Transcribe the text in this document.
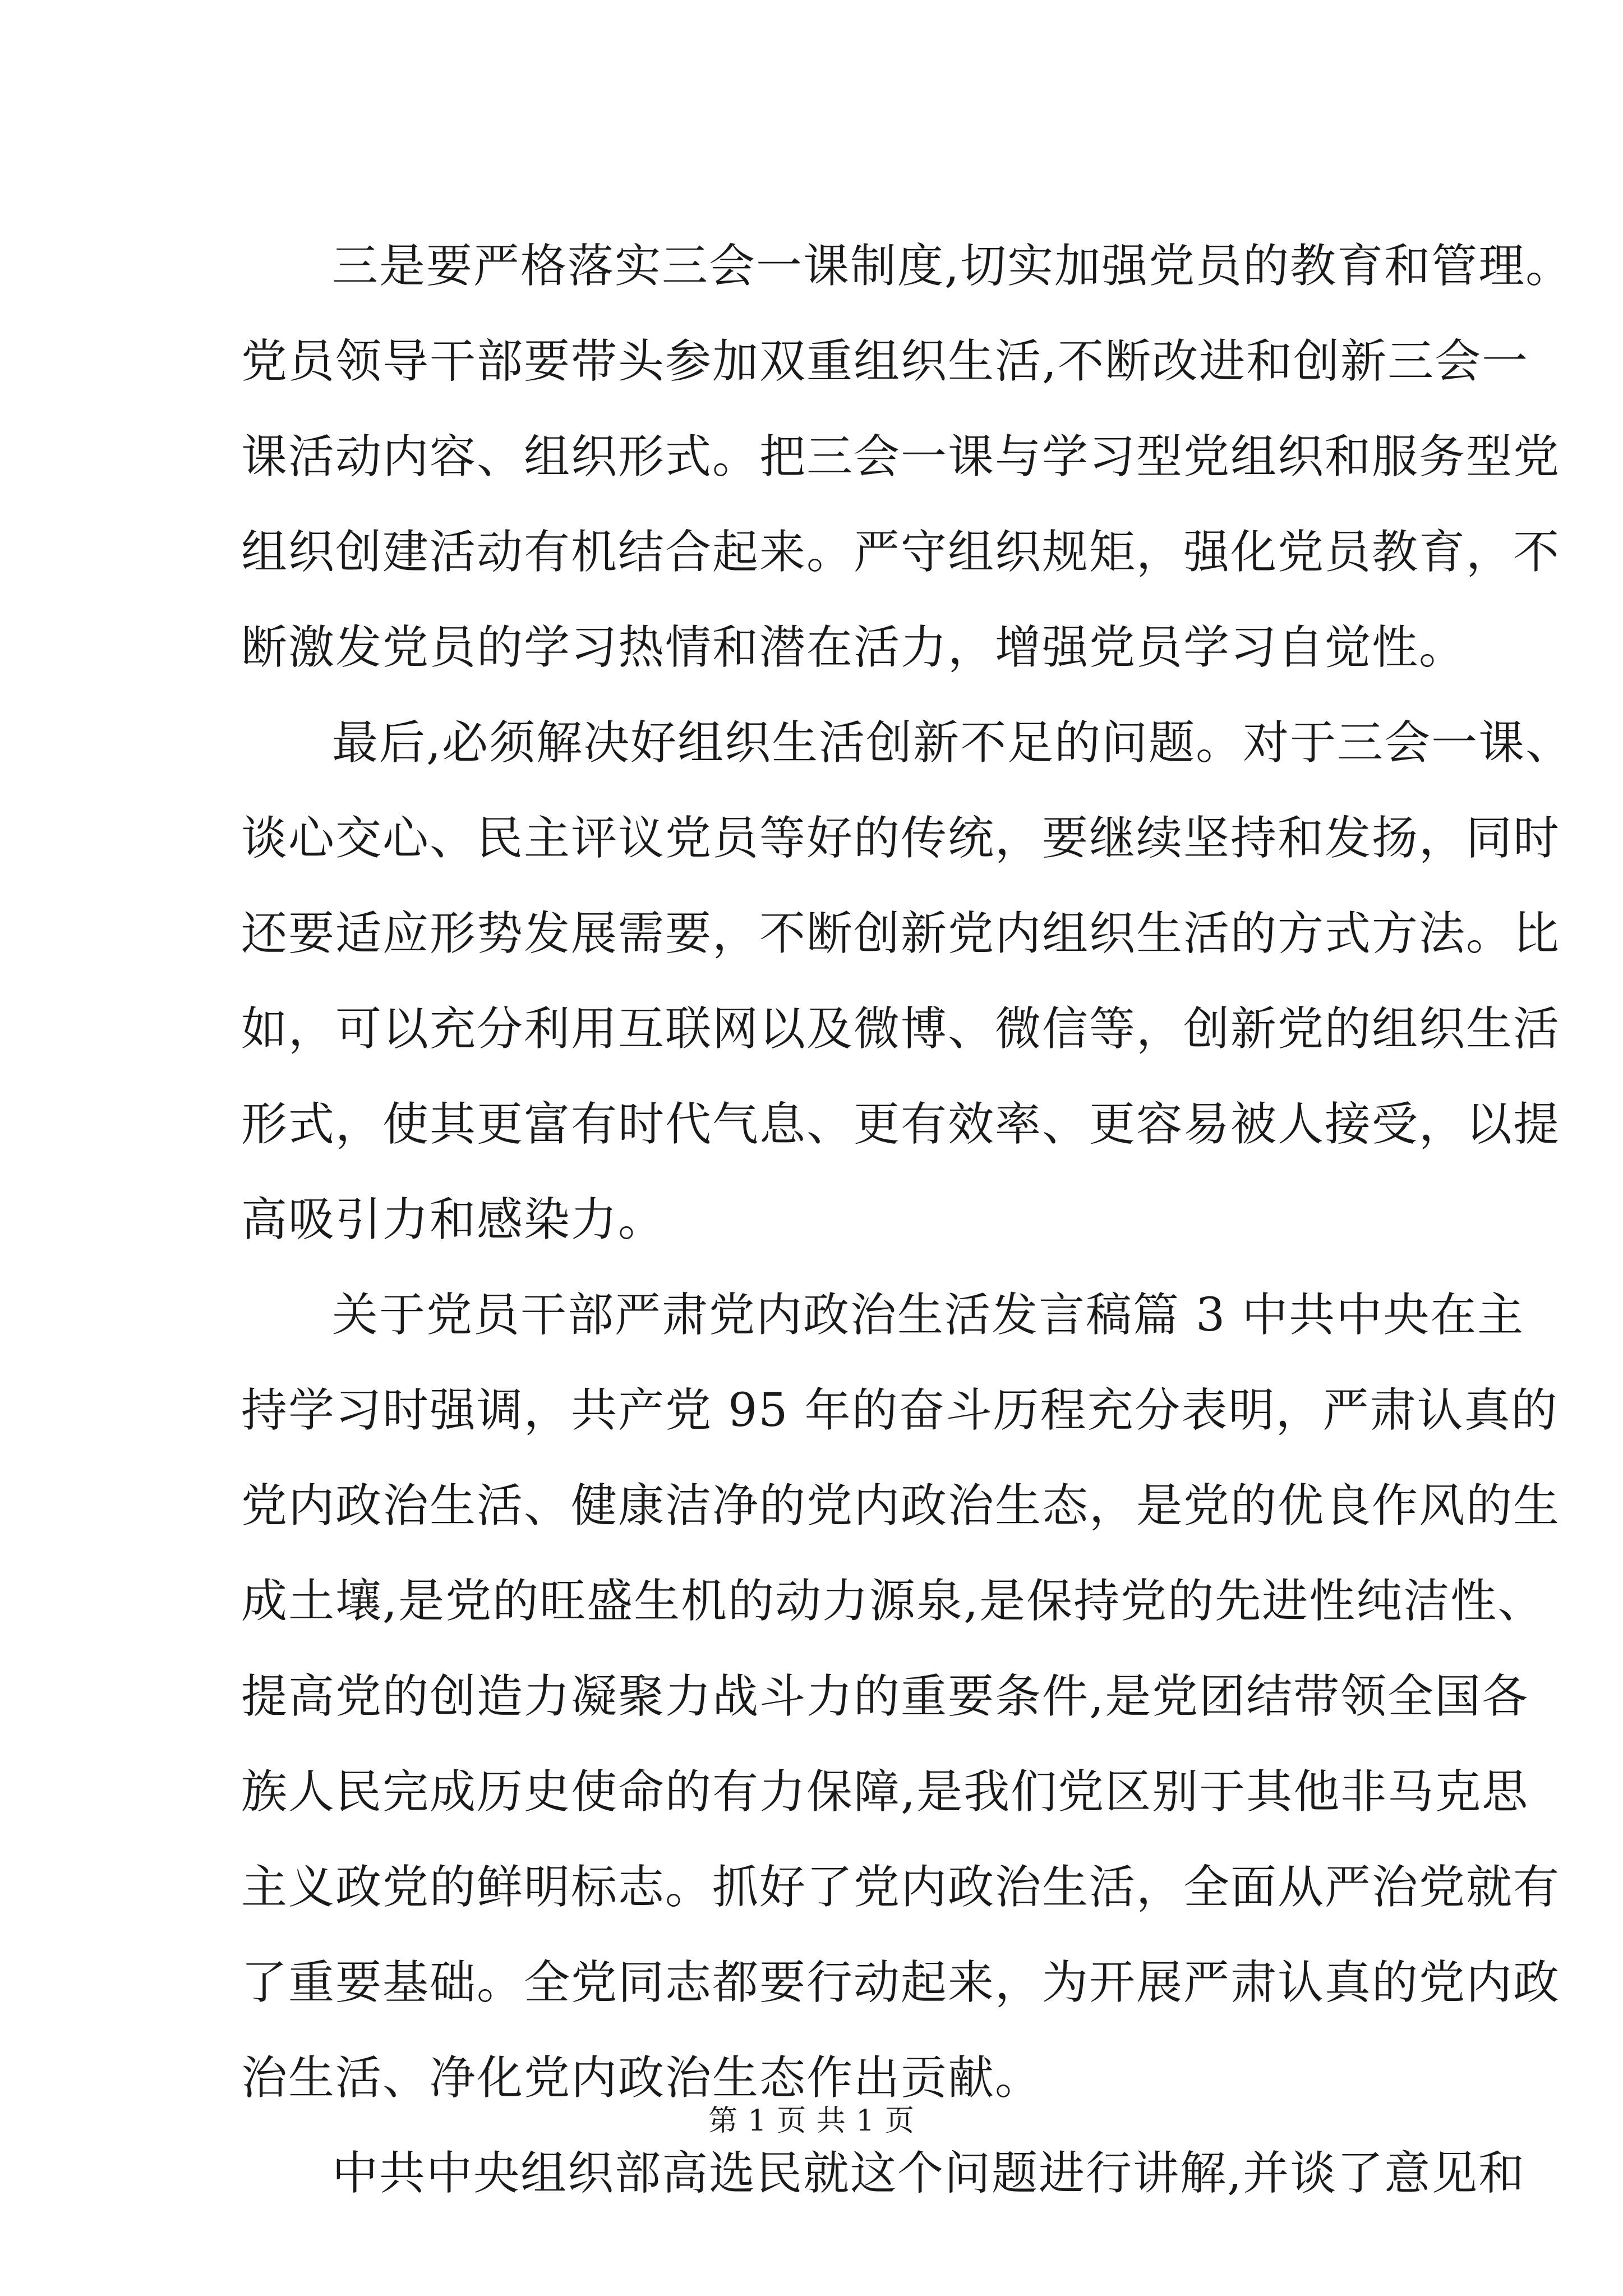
三是要严格落实三会一课制度,切实加强党员的教育和管理。
党员领导干部要带头参加双重组织生活,不断改进和创新三会一
课活动内容、组织形式。把三会一课与学习型党组织和服务型党
组织创建活动有机结合起来。严守组织规矩，强化党员教育，不
断激发党员的学习热情和潜在活力，增强党员学习自觉性。
最后,必须解决好组织生活创新不足的问题。对于三会一课、
谈心交心、民主评议党员等好的传统，要继续坚持和发扬，同时
还要适应形势发展需要，不断创新党内组织生活的方式方法。比
如，可以充分利用互联网以及微博、微信等，创新党的组织生活
形式，使其更富有时代气息、更有效率、更容易被人接受，以提
高吸引力和感染力。
关于党员干部严肃党内政治生活发言稿篇 3 中共中央在主
持学习时强调，共产党 95 年的奋斗历程充分表明，严肃认真的
党内政治生活、健康洁净的党内政治生态，是党的优良作风的生
成土壤,是党的旺盛生机的动力源泉,是保持党的先进性纯洁性、
提高党的创造力凝聚力战斗力的重要条件,是党团结带领全国各
族人民完成历史使命的有力保障,是我们党区别于其他非马克思
主义政党的鲜明标志。抓好了党内政治生活，全面从严治党就有
了重要基础。全党同志都要行动起来，为开展严肃认真的党内政
治生活、净化党内政治生态作出贡献。
中共中央组织部高选民就这个问题进行讲解,并谈了意见和
第 1 页 共 1 页
